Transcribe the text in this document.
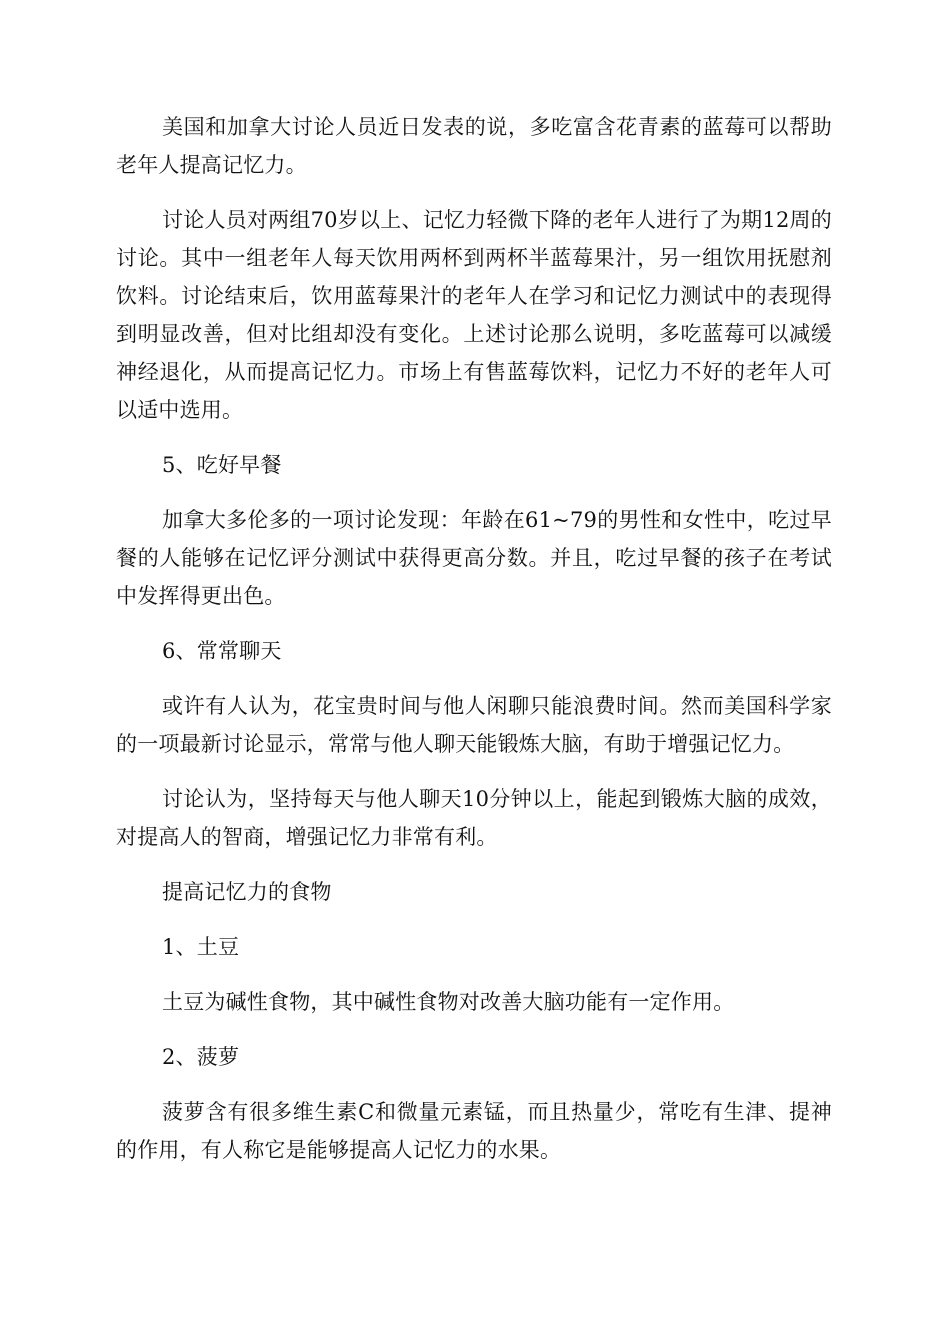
美国和加拿大讨论人员近日发表的说，多吃富含花青素的蓝莓可以帮助老年人提高记忆力。

讨论人员对两组70岁以上、记忆力轻微下降的老年人进行了为期12周的讨论。其中一组老年人每天饮用两杯到两杯半蓝莓果汁，另一组饮用抚慰剂饮料。讨论结束后，饮用蓝莓果汁的老年人在学习和记忆力测试中的表现得到明显改善，但对比组却没有变化。上述讨论那么说明，多吃蓝莓可以减缓神经退化，从而提高记忆力。市场上有售蓝莓饮料，记忆力不好的老年人可以适中选用。

5、吃好早餐

加拿大多伦多的一项讨论发现：年龄在61~79的男性和女性中，吃过早餐的人能够在记忆评分测试中获得更高分数。并且，吃过早餐的孩子在考试中发挥得更出色。

6、常常聊天

或许有人认为，花宝贵时间与他人闲聊只能浪费时间。然而美国科学家的一项最新讨论显示，常常与他人聊天能锻炼大脑，有助于增强记忆力。

讨论认为，坚持每天与他人聊天10分钟以上，能起到锻炼大脑的成效，对提高人的智商，增强记忆力非常有利。

提高记忆力的食物

1、土豆

土豆为碱性食物，其中碱性食物对改善大脑功能有一定作用。

2、菠萝

菠萝含有很多维生素C和微量元素锰，而且热量少，常吃有生津、提神的作用，有人称它是能够提高人记忆力的水果。
